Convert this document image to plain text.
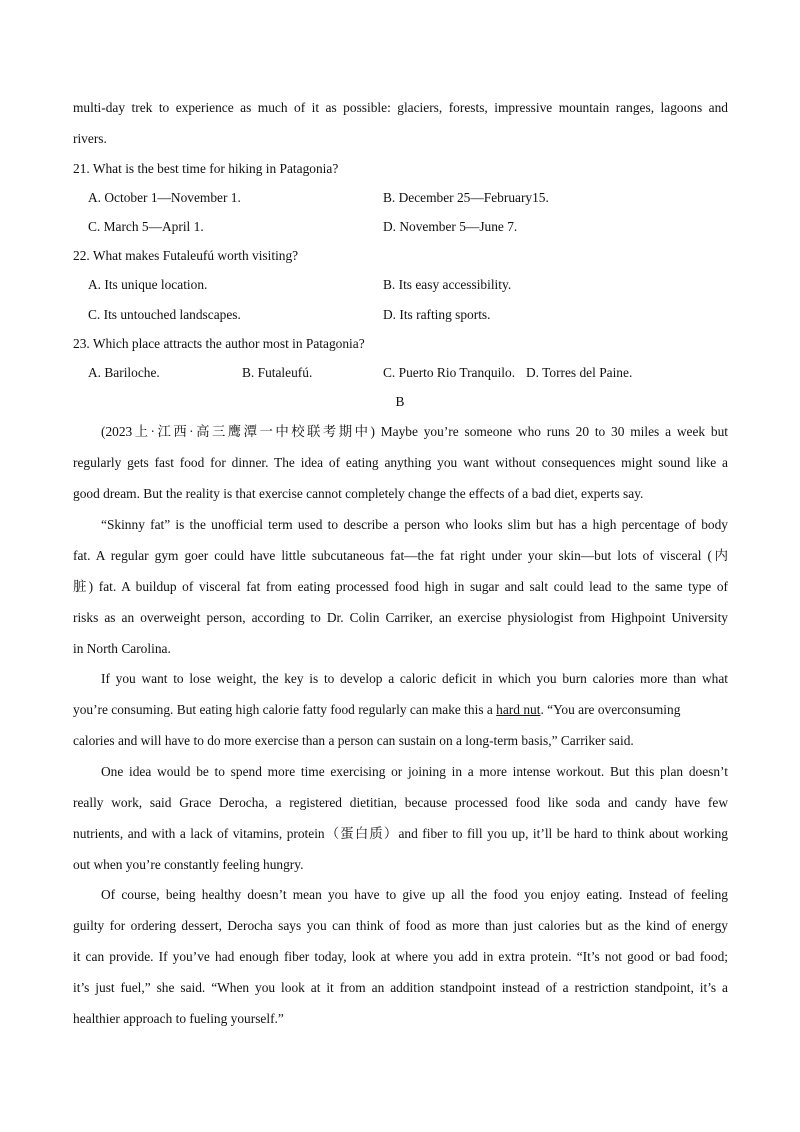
multi-day trek to experience as much of it as possible: glaciers, forests, impressive mountain ranges, lagoons and
rivers.
21. What is the best time for hiking in Patagonia?
A. October 1—November 1.	B. December 25—February15.
C. March 5—April 1.	D. November 5—June 7.
22. What makes Futaleufú worth visiting?
A. Its unique location.	B. Its easy accessibility.
C. Its untouched landscapes.	D. Its rafting sports.
23. Which place attracts the author most in Patagonia?
A. Bariloche.	B. Futaleufú.	C. Puerto Rio Tranquilo. D. Torres del Paine.
B
(2023上·江西·高三鹰潭一中校联考期中) Maybe you’re someone who runs 20 to 30 miles a week but
regularly gets fast food for dinner. The idea of eating anything you want without consequences might sound like a
good dream. But the reality is that exercise cannot completely change the effects of a bad diet, experts say.
“Skinny fat” is the unofficial term used to describe a person who looks slim but has a high percentage of body
fat. A regular gym goer could have little subcutaneous fat—the fat right under your skin—but lots of visceral (内
脏) fat. A buildup of visceral fat from eating processed food high in sugar and salt could lead to the same type of
risks as an overweight person, according to Dr. Colin Carriker, an exercise physiologist from Highpoint University
in North Carolina.
If you want to lose weight, the key is to develop a caloric deficit in which you burn calories more than what
you’re consuming. But eating high calorie fatty food regularly can make this a hard nut. “You are overconsuming
calories and will have to do more exercise than a person can sustain on a long-term basis,” Carriker said.
One idea would be to spend more time exercising or joining in a more intense workout. But this plan doesn’t
really work, said Grace Derocha, a registered dietitian, because processed food like soda and candy have few
nutrients, and with a lack of vitamins, protein（蛋白质）and fiber to fill you up, it’ll be hard to think about working
out when you’re constantly feeling hungry.
Of course, being healthy doesn’t mean you have to give up all the food you enjoy eating. Instead of feeling
guilty for ordering dessert, Derocha says you can think of food as more than just calories but as the kind of energy
it can provide. If you’ve had enough fiber today, look at where you add in extra protein. “It’s not good or bad food;
it’s just fuel,” she said. “When you look at it from an addition standpoint instead of a restriction standpoint, it’s a
healthier approach to fueling yourself.”
